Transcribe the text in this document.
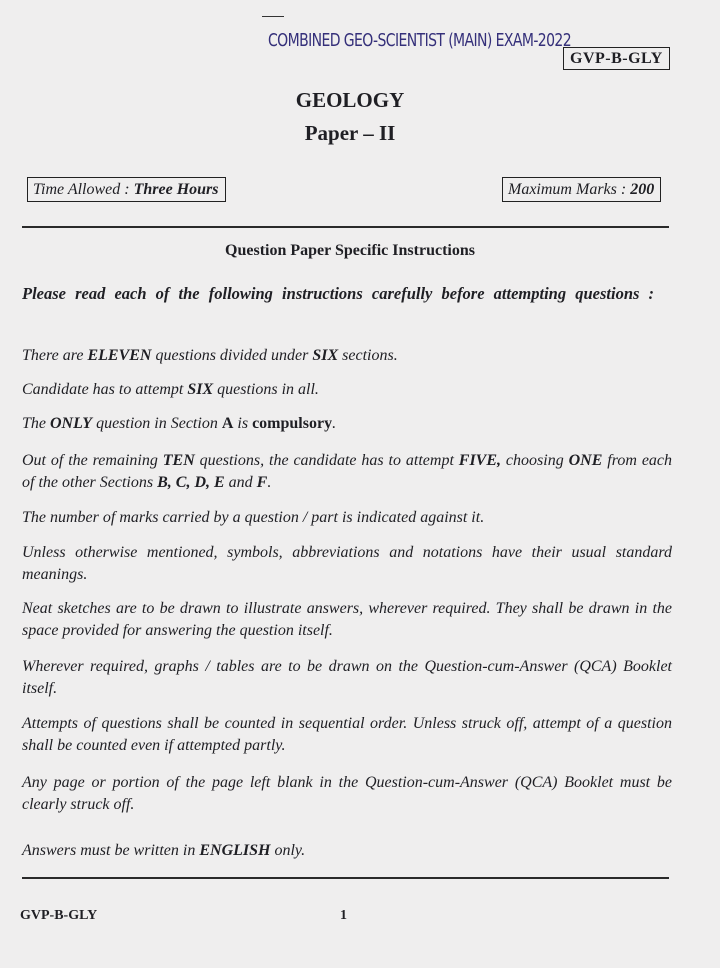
COMBINED GEO-SCIENTIST (MAIN) EXAM-2022
GVP-B-GLY
GEOLOGY
Paper – II
Time Allowed : Three Hours	Maximum Marks : 200
Question Paper Specific Instructions
Please read each of the following instructions carefully before attempting questions :
There are ELEVEN questions divided under SIX sections.
Candidate has to attempt SIX questions in all.
The ONLY question in Section A is compulsory.
Out of the remaining TEN questions, the candidate has to attempt FIVE, choosing ONE from each of the other Sections B, C, D, E and F.
The number of marks carried by a question / part is indicated against it.
Unless otherwise mentioned, symbols, abbreviations and notations have their usual standard meanings.
Neat sketches are to be drawn to illustrate answers, wherever required. They shall be drawn in the space provided for answering the question itself.
Wherever required, graphs / tables are to be drawn on the Question-cum-Answer (QCA) Booklet itself.
Attempts of questions shall be counted in sequential order. Unless struck off, attempt of a question shall be counted even if attempted partly.
Any page or portion of the page left blank in the Question-cum-Answer (QCA) Booklet must be clearly struck off.
Answers must be written in ENGLISH only.
GVP-B-GLY	1
